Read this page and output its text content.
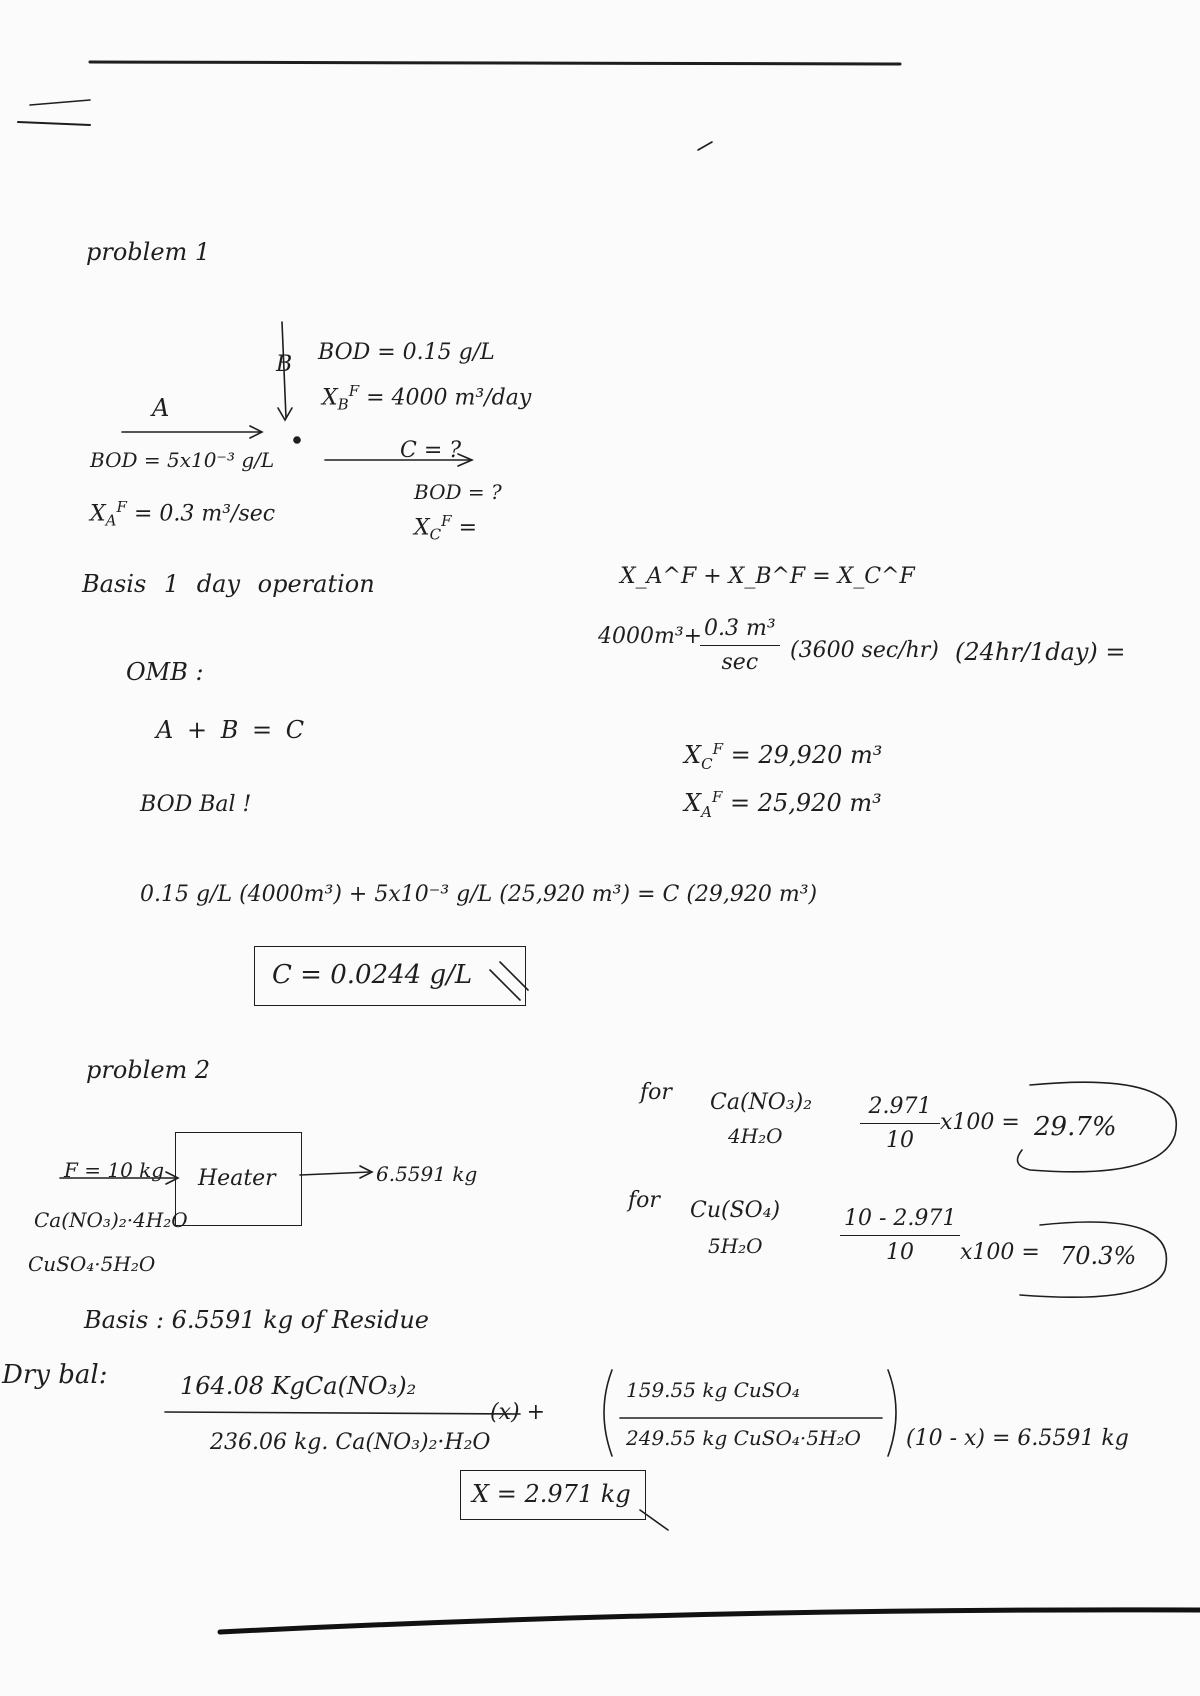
problem 1
B BOD = 0.15 g/L
$X_B^F = 4000$ m³/day
A
BOD = 5x10⁻³ g/L
$X_A^F = 0.3$ m³/sec
C = ?
BOD = ?
$X_C^F$ =
Basis 1 day operation	X_A^F + X_B^F = X_C^F
4000m³+ 0.3 m³
sec	(3600 sec/hr) (24hr/1day) =
OMB :
A + B = C
$X_C^F = 29,920$ m³
$X_A^F = 25,920$ m³
BOD Bal !
0.15 g/L (4000m³) + 5x10⁻³ g/L (25,920 m³) = C (29,920 m³)
C = 0.0244 g/L
problem 2
F = 10 kg Heater	6.5591 kg
Ca(NO₃)₂·4H₂O
CuSO₄·5H₂O
Basis : 6.5591 kg of Residue
Dry bal:	164.08 KgCa(NO₃)₂
236.06 kg. Ca(NO₃)₂·H₂O
(x) +
159.55 kg CuSO₄
249.55 kg CuSO₄·5H₂O (10 - x) = 6.5591 kg
X = 2.971 kg
for Ca(NO₃)₂
4H₂O	$\frac{2.971}{10} x100 = 29.7\%$
for Cu(SO₄)
5H₂O	$\frac{10 - 2.971}{10} x100 = 70.3\%$
